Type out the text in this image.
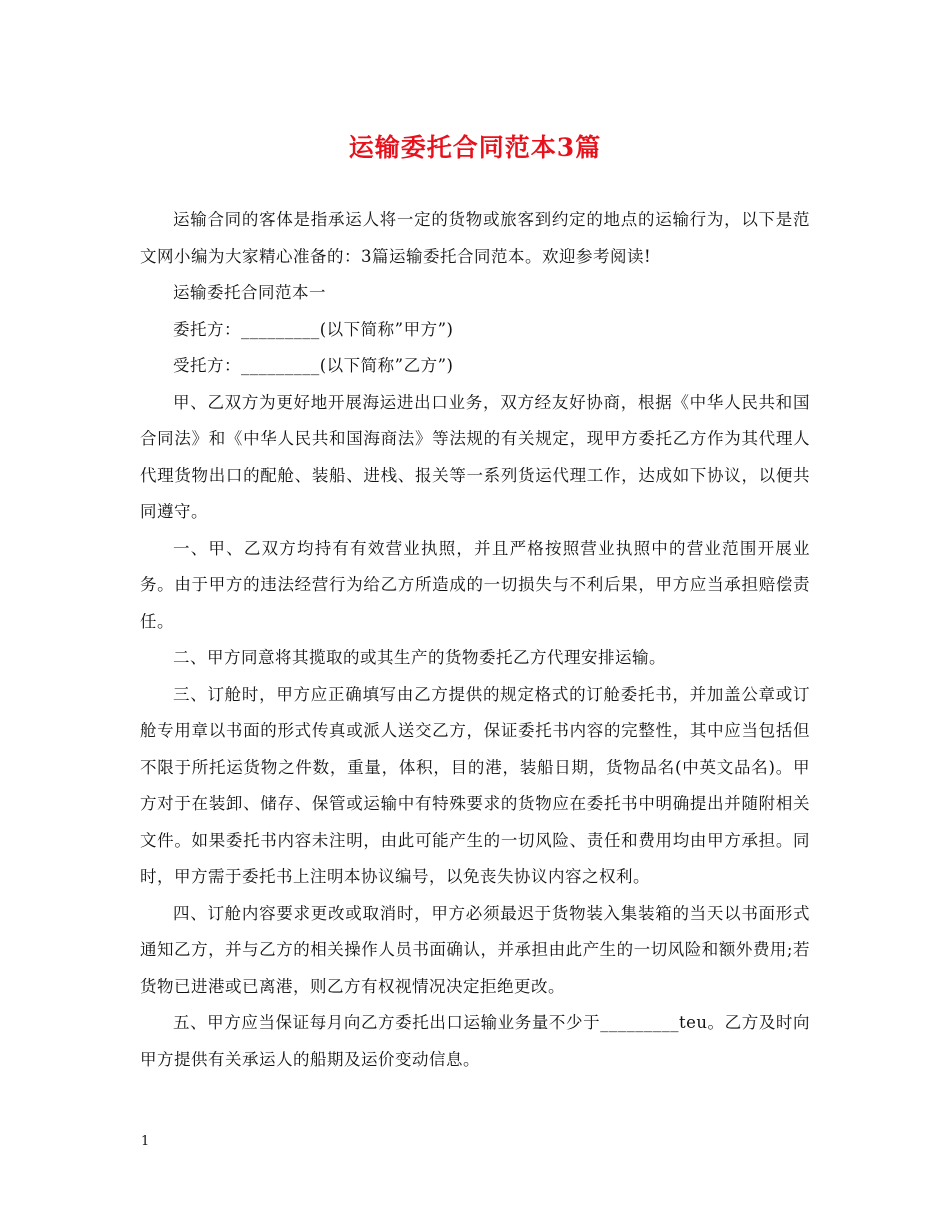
运输委托合同范本3篇

运输合同的客体是指承运人将一定的货物或旅客到约定的地点的运输行为，以下是范文网小编为大家精心准备的：3篇运输委托合同范本。欢迎参考阅读!

运输委托合同范本一

委托方：_________(以下简称”甲方”)

受托方：_________(以下简称”乙方”)

甲、乙双方为更好地开展海运进出口业务，双方经友好协商，根据《中华人民共和国合同法》和《中华人民共和国海商法》等法规的有关规定，现甲方委托乙方作为其代理人代理货物出口的配舱、装船、进栈、报关等一系列货运代理工作，达成如下协议，以便共同遵守。

一、甲、乙双方均持有有效营业执照，并且严格按照营业执照中的营业范围开展业务。由于甲方的违法经营行为给乙方所造成的一切损失与不利后果，甲方应当承担赔偿责任。

二、甲方同意将其揽取的或其生产的货物委托乙方代理安排运输。

三、订舱时，甲方应正确填写由乙方提供的规定格式的订舱委托书，并加盖公章或订舱专用章以书面的形式传真或派人送交乙方，保证委托书内容的完整性，其中应当包括但不限于所托运货物之件数，重量，体积，目的港，装船日期，货物品名(中英文品名)。甲方对于在装卸、储存、保管或运输中有特殊要求的货物应在委托书中明确提出并随附相关文件。如果委托书内容未注明，由此可能产生的一切风险、责任和费用均由甲方承担。同时，甲方需于委托书上注明本协议编号，以免丧失协议内容之权利。

四、订舱内容要求更改或取消时，甲方必须最迟于货物装入集装箱的当天以书面形式通知乙方，并与乙方的相关操作人员书面确认，并承担由此产生的一切风险和额外费用;若货物已进港或已离港，则乙方有权视情况决定拒绝更改。

五、甲方应当保证每月向乙方委托出口运输业务量不少于_________teu。乙方及时向甲方提供有关承运人的船期及运价变动信息。

1
